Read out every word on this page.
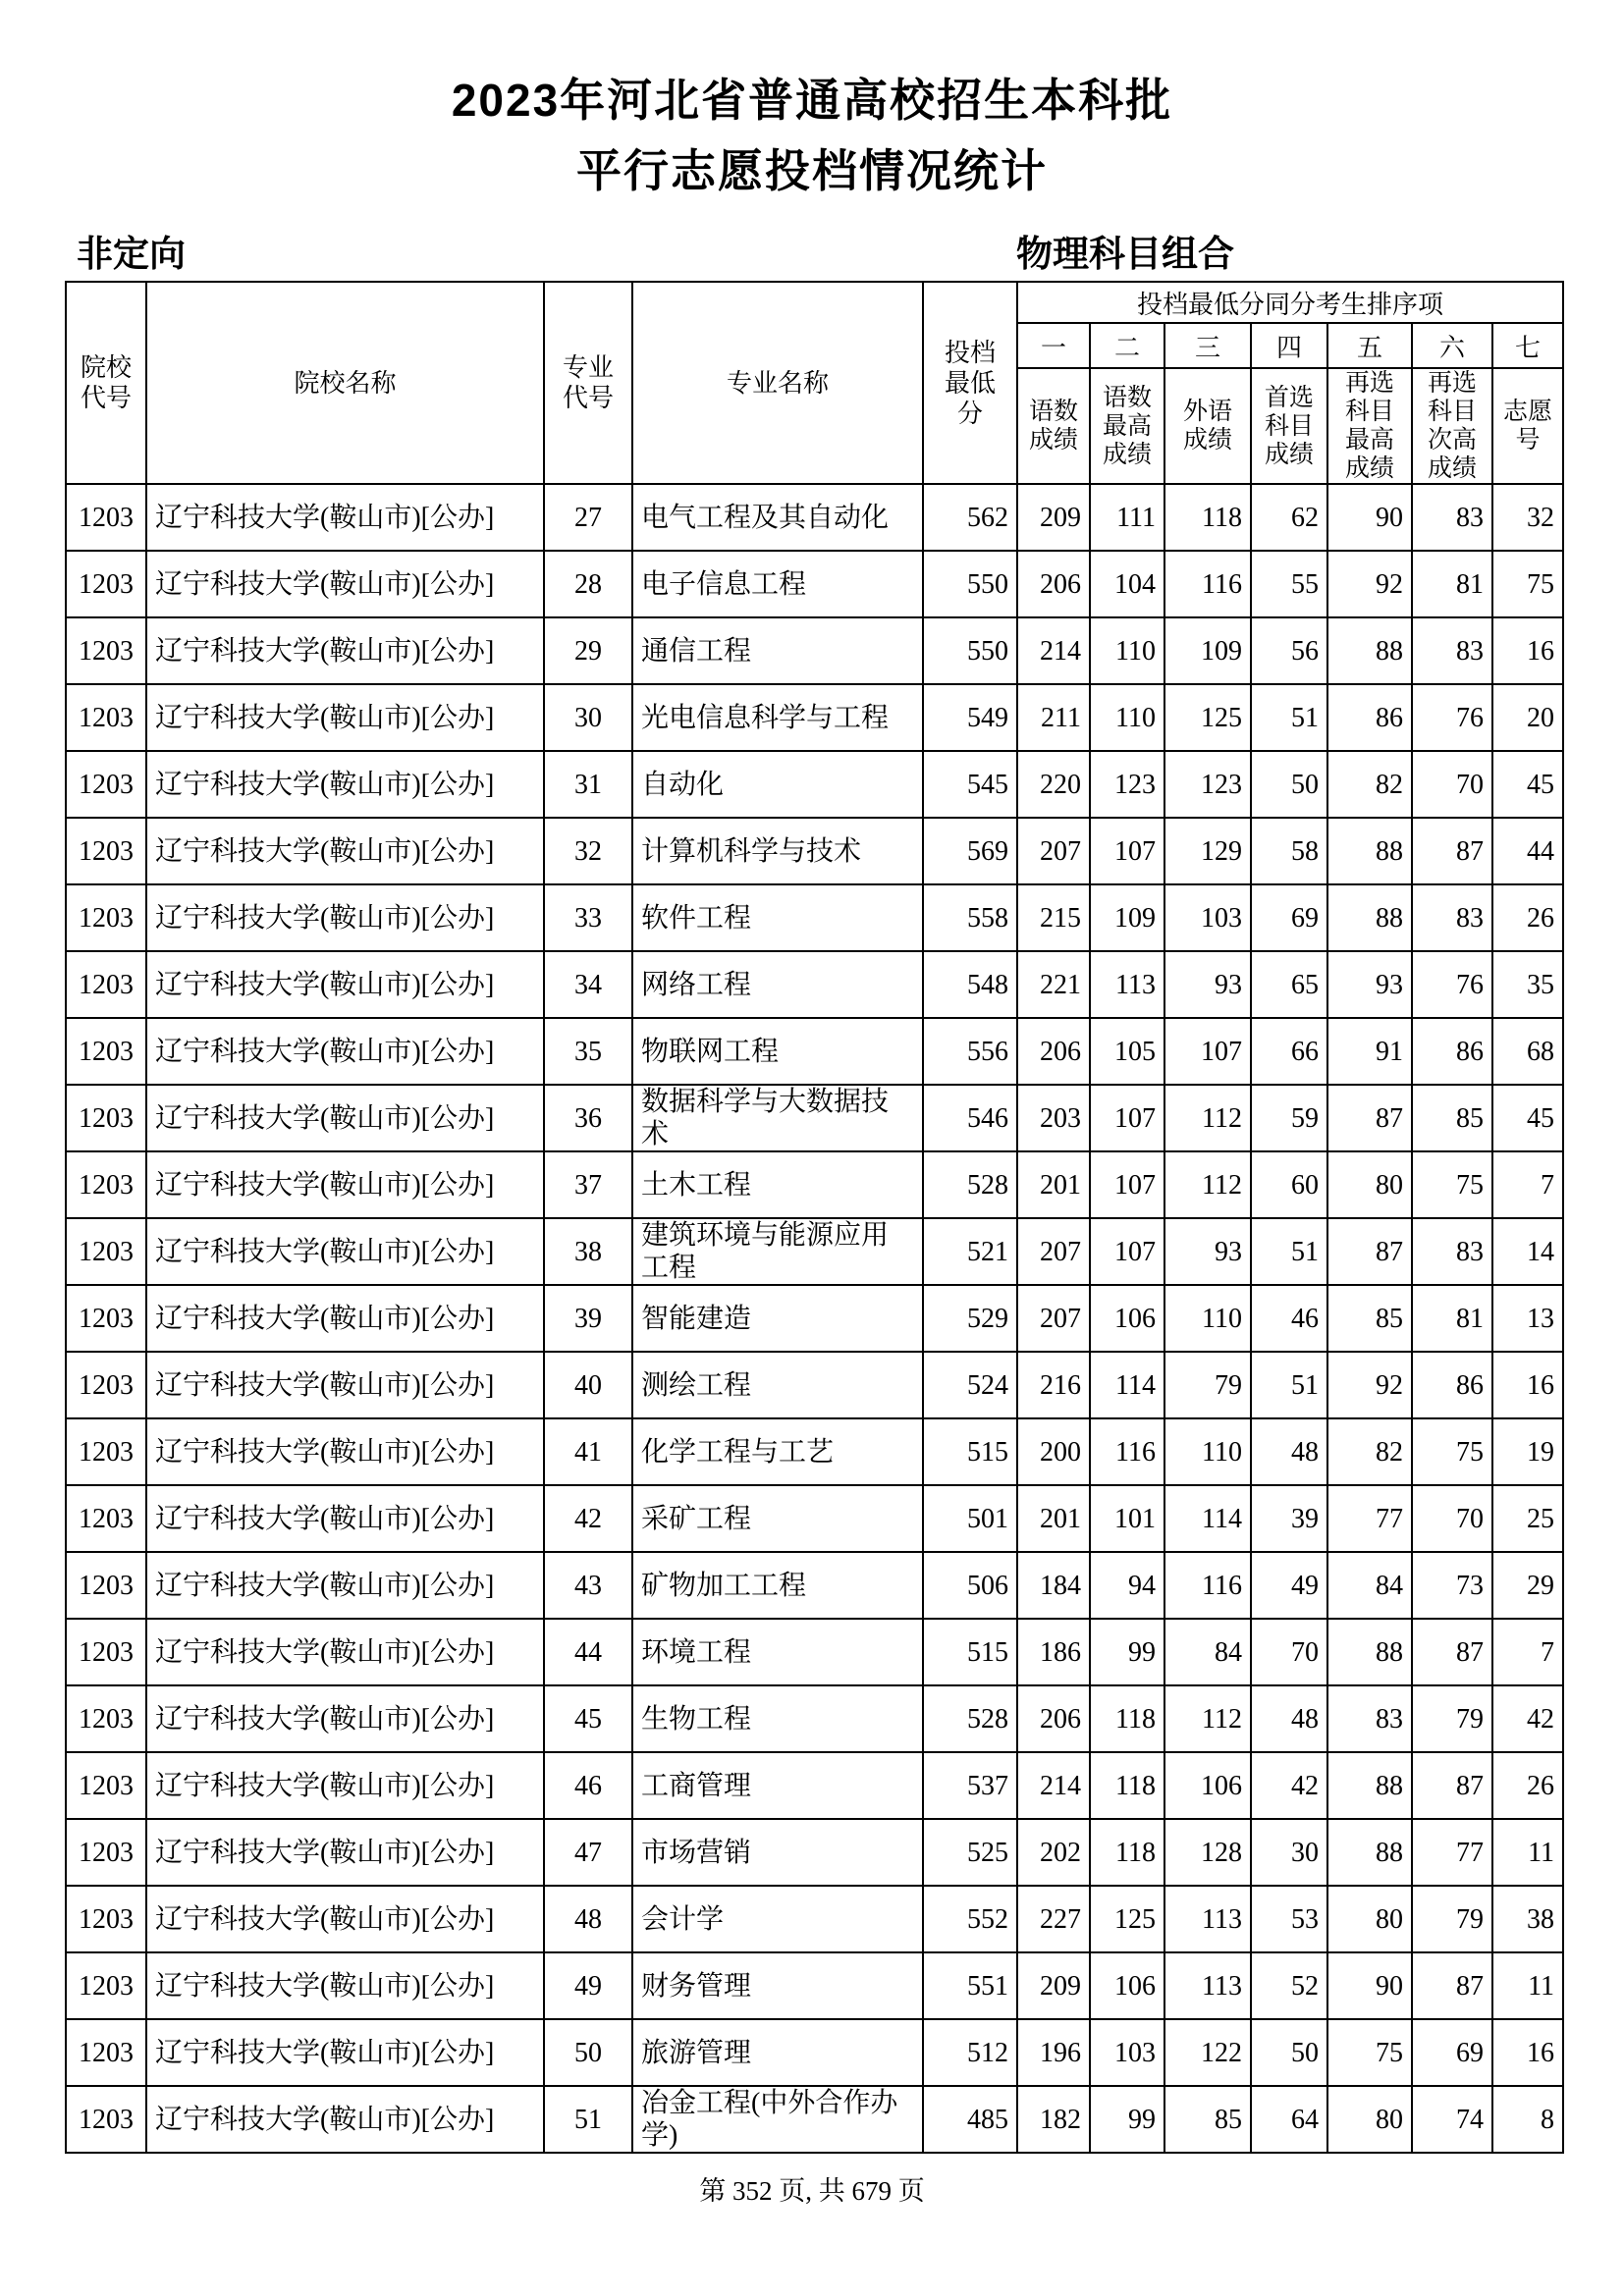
2023年河北省普通高校招生本科批
平行志愿投档情况统计
非定向	物理科目组合
院校代号	院校名称	专业代号	专业名称	投档最低分	投档最低分同分考生排序项						
					一	二	三	四	五	六	七
					语数成绩	语数最高成绩	外语成绩	首选科目成绩	再选科目最高成绩	再选科目次高成绩	志愿号
1203	辽宁科技大学(鞍山市)[公办]	27	电气工程及其自动化	562	209	111	118	62	90	83	32
1203	辽宁科技大学(鞍山市)[公办]	28	电子信息工程	550	206	104	116	55	92	81	75
1203	辽宁科技大学(鞍山市)[公办]	29	通信工程	550	214	110	109	56	88	83	16
1203	辽宁科技大学(鞍山市)[公办]	30	光电信息科学与工程	549	211	110	125	51	86	76	20
1203	辽宁科技大学(鞍山市)[公办]	31	自动化	545	220	123	123	50	82	70	45
1203	辽宁科技大学(鞍山市)[公办]	32	计算机科学与技术	569	207	107	129	58	88	87	44
1203	辽宁科技大学(鞍山市)[公办]	33	软件工程	558	215	109	103	69	88	83	26
1203	辽宁科技大学(鞍山市)[公办]	34	网络工程	548	221	113	93	65	93	76	35
1203	辽宁科技大学(鞍山市)[公办]	35	物联网工程	556	206	105	107	66	91	86	68
1203	辽宁科技大学(鞍山市)[公办]	36	数据科学与大数据技术	546	203	107	112	59	87	85	45
1203	辽宁科技大学(鞍山市)[公办]	37	土木工程	528	201	107	112	60	80	75	7
1203	辽宁科技大学(鞍山市)[公办]	38	建筑环境与能源应用工程	521	207	107	93	51	87	83	14
1203	辽宁科技大学(鞍山市)[公办]	39	智能建造	529	207	106	110	46	85	81	13
1203	辽宁科技大学(鞍山市)[公办]	40	测绘工程	524	216	114	79	51	92	86	16
1203	辽宁科技大学(鞍山市)[公办]	41	化学工程与工艺	515	200	116	110	48	82	75	19
1203	辽宁科技大学(鞍山市)[公办]	42	采矿工程	501	201	101	114	39	77	70	25
1203	辽宁科技大学(鞍山市)[公办]	43	矿物加工工程	506	184	94	116	49	84	73	29
1203	辽宁科技大学(鞍山市)[公办]	44	环境工程	515	186	99	84	70	88	87	7
1203	辽宁科技大学(鞍山市)[公办]	45	生物工程	528	206	118	112	48	83	79	42
1203	辽宁科技大学(鞍山市)[公办]	46	工商管理	537	214	118	106	42	88	87	26
1203	辽宁科技大学(鞍山市)[公办]	47	市场营销	525	202	118	128	30	88	77	11
1203	辽宁科技大学(鞍山市)[公办]	48	会计学	552	227	125	113	53	80	79	38
1203	辽宁科技大学(鞍山市)[公办]	49	财务管理	551	209	106	113	52	90	87	11
1203	辽宁科技大学(鞍山市)[公办]	50	旅游管理	512	196	103	122	50	75	69	16
1203	辽宁科技大学(鞍山市)[公办]	51	冶金工程(中外合作办学)	485	182	99	85	64	80	74	8
第 352 页, 共 679 页
